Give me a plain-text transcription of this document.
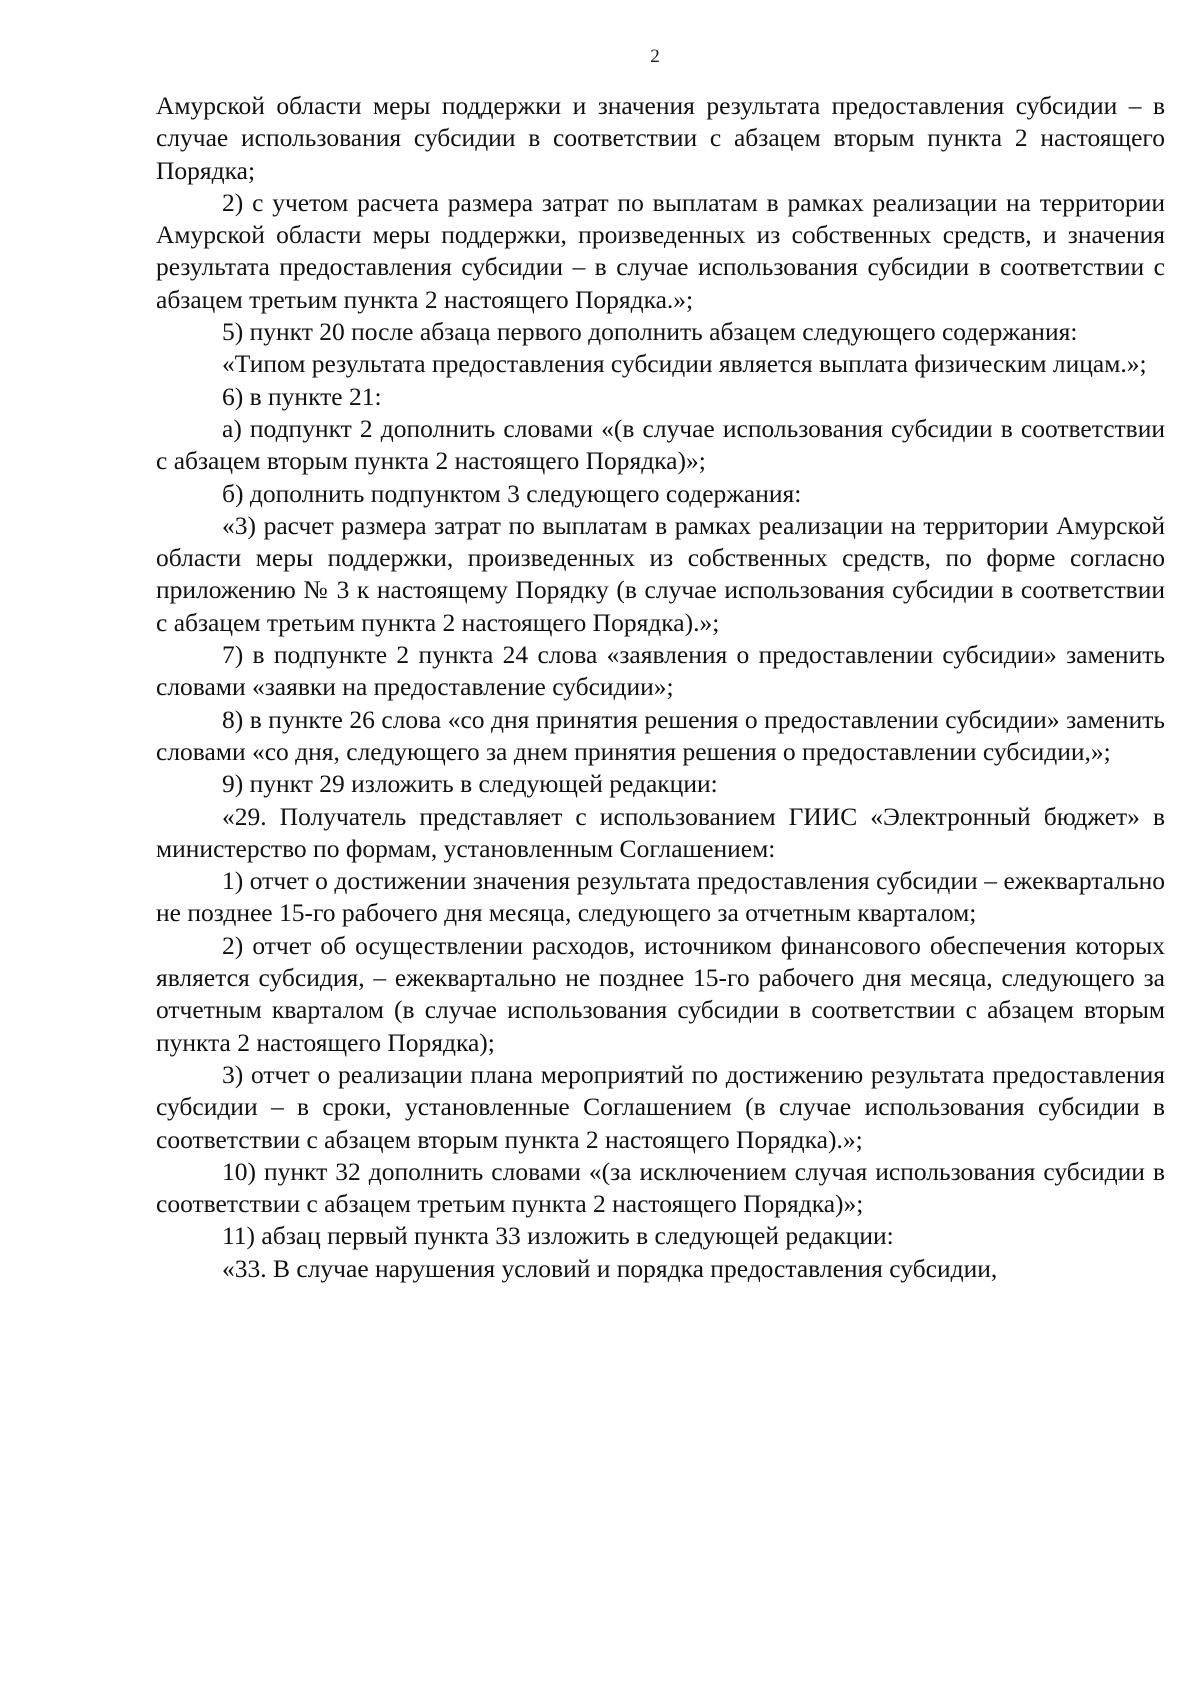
2

Амурской области меры поддержки и значения результата предоставления субсидии – в случае использования субсидии в соответствии с абзацем вторым пункта 2 настоящего Порядка;

2) с учетом расчета размера затрат по выплатам в рамках реализации на территории Амурской области меры поддержки, произведенных из собственных средств, и значения результата предоставления субсидии – в случае использования субсидии в соответствии с абзацем третьим пункта 2 настоящего Порядка.»;

5) пункт 20 после абзаца первого дополнить абзацем следующего содержания:

«Типом результата предоставления субсидии является выплата физическим лицам.»;

6) в пункте 21:

а) подпункт 2 дополнить словами «(в случае использования субсидии в соответствии с абзацем вторым пункта 2 настоящего Порядка)»;

б) дополнить подпунктом 3 следующего содержания:

«3) расчет размера затрат по выплатам в рамках реализации на территории Амурской области меры поддержки, произведенных из собственных средств, по форме согласно приложению № 3 к настоящему Порядку (в случае использования субсидии в соответствии с абзацем третьим пункта 2 настоящего Порядка).»;

7) в подпункте 2 пункта 24 слова «заявления о предоставлении субсидии» заменить словами «заявки на предоставление субсидии»;

8) в пункте 26 слова «со дня принятия решения о предоставлении субсидии» заменить словами «со дня, следующего за днем принятия решения о предоставлении субсидии,»;

9) пункт 29 изложить в следующей редакции:

«29. Получатель представляет с использованием ГИИС «Электронный бюджет» в министерство по формам, установленным Соглашением:

1) отчет о достижении значения результата предоставления субсидии – ежеквартально не позднее 15-го рабочего дня месяца, следующего за отчетным кварталом;

2) отчет об осуществлении расходов, источником финансового обеспечения которых является субсидия, – ежеквартально не позднее 15-го рабочего дня месяца, следующего за отчетным кварталом (в случае использования субсидии в соответствии с абзацем вторым пункта 2 настоящего Порядка);

3) отчет о реализации плана мероприятий по достижению результата предоставления субсидии – в сроки, установленные Соглашением (в случае использования субсидии в соответствии с абзацем вторым пункта 2 настоящего Порядка).»;

10) пункт 32 дополнить словами «(за исключением случая использования субсидии в соответствии с абзацем третьим пункта 2 настоящего Порядка)»;

11) абзац первый пункта 33 изложить в следующей редакции:

«33. В случае нарушения условий и порядка предоставления субсидии,
